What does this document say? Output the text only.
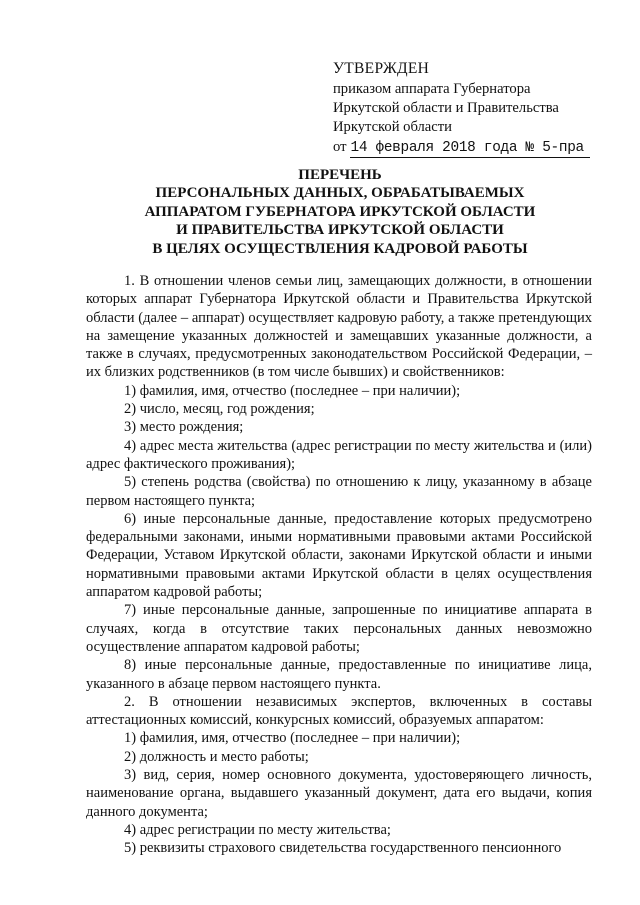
УТВЕРЖДЕН
приказом аппарата Губернатора
Иркутской области и Правительства
Иркутской области
от 14 февраля 2018 года № 5-пра
ПЕРЕЧЕНЬ
ПЕРСОНАЛЬНЫХ ДАННЫХ, ОБРАБАТЫВАЕМЫХ
АППАРАТОМ ГУБЕРНАТОРА ИРКУТСКОЙ ОБЛАСТИ
И ПРАВИТЕЛЬСТВА ИРКУТСКОЙ ОБЛАСТИ
В ЦЕЛЯХ ОСУЩЕСТВЛЕНИЯ КАДРОВОЙ РАБОТЫ

1. В отношении членов семьи лиц, замещающих должности, в отношении которых аппарат Губернатора Иркутской области и Правительства Иркутской области (далее – аппарат) осуществляет кадровую работу, а также претендующих на замещение указанных должностей и замещавших указанные должности, а также в случаях, предусмотренных законодательством Российской Федерации, – их близких родственников (в том числе бывших) и свойственников:

1) фамилия, имя, отчество (последнее – при наличии);

2) число, месяц, год рождения;

3) место рождения;

4) адрес места жительства (адрес регистрации по месту жительства и (или) адрес фактического проживания);

5) степень родства (свойства) по отношению к лицу, указанному в абзаце первом настоящего пункта;

6) иные персональные данные, предоставление которых предусмотрено федеральными законами, иными нормативными правовыми актами Российской Федерации, Уставом Иркутской области, законами Иркутской области и иными нормативными правовыми актами Иркутской области в целях осуществления аппаратом кадровой работы;

7) иные персональные данные, запрошенные по инициативе аппарата в случаях, когда в отсутствие таких персональных данных невозможно осуществление аппаратом кадровой работы;

8) иные персональные данные, предоставленные по инициативе лица, указанного в абзаце первом настоящего пункта.

2. В отношении независимых экспертов, включенных в составы аттестационных комиссий, конкурсных комиссий, образуемых аппаратом:

1) фамилия, имя, отчество (последнее – при наличии);

2) должность и место работы;

3) вид, серия, номер основного документа, удостоверяющего личность, наименование органа, выдавшего указанный документ, дата его выдачи, копия данного документа;

4) адрес регистрации по месту жительства;

5) реквизиты страхового свидетельства государственного пенсионного
